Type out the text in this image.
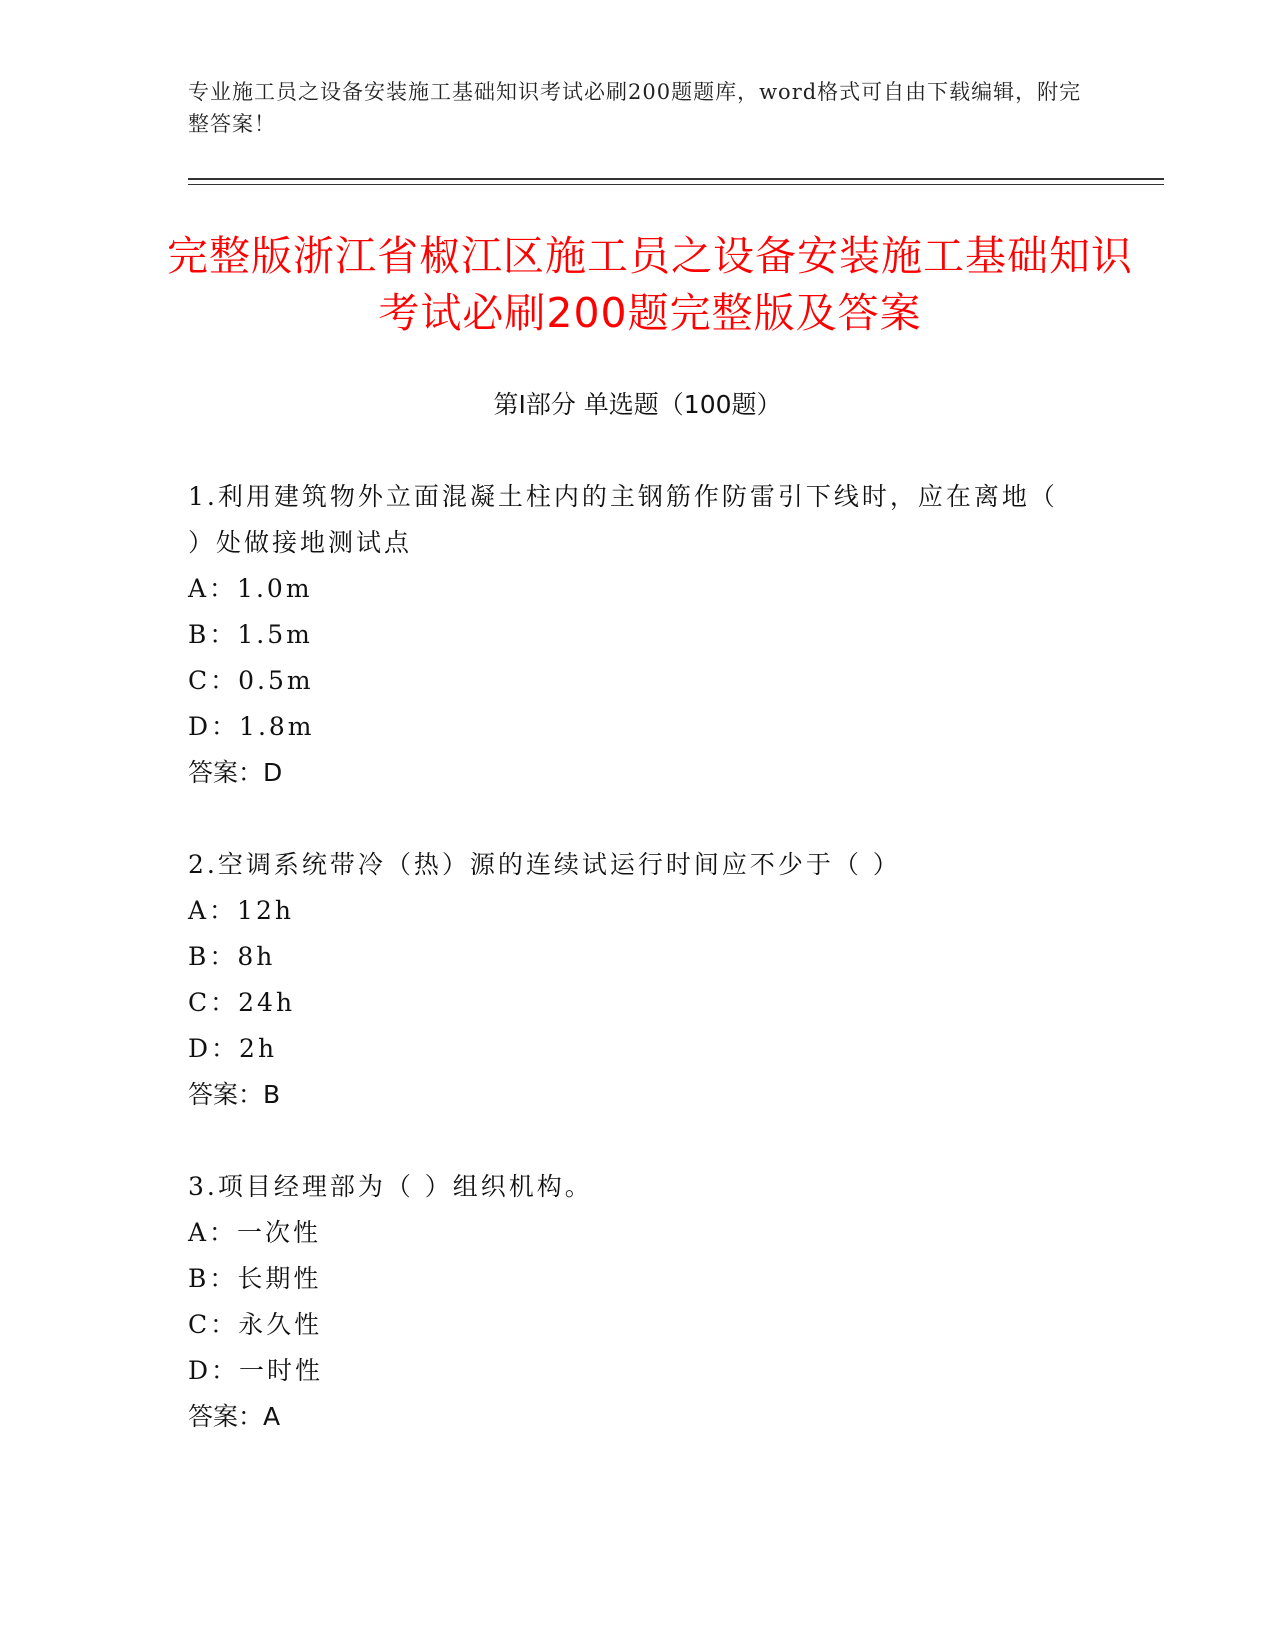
专业施工员之设备安装施工基础知识考试必刷200题题库，word格式可自由下载编辑，附完整答案！
完整版浙江省椒江区施工员之设备安装施工基础知识考试必刷200题完整版及答案
第I部分 单选题（100题）
1.利用建筑物外立面混凝土柱内的主钢筋作防雷引下线时，应在离地（ ）处做接地测试点
A：1.0m
B：1.5m
C：0.5m
D：1.8m
答案：D
2.空调系统带冷（热）源的连续试运行时间应不少于（ ）
A：12h
B：8h
C：24h
D：2h
答案：B
3.项目经理部为（ ）组织机构。
A：一次性
B：长期性
C：永久性
D：一时性
答案：A
